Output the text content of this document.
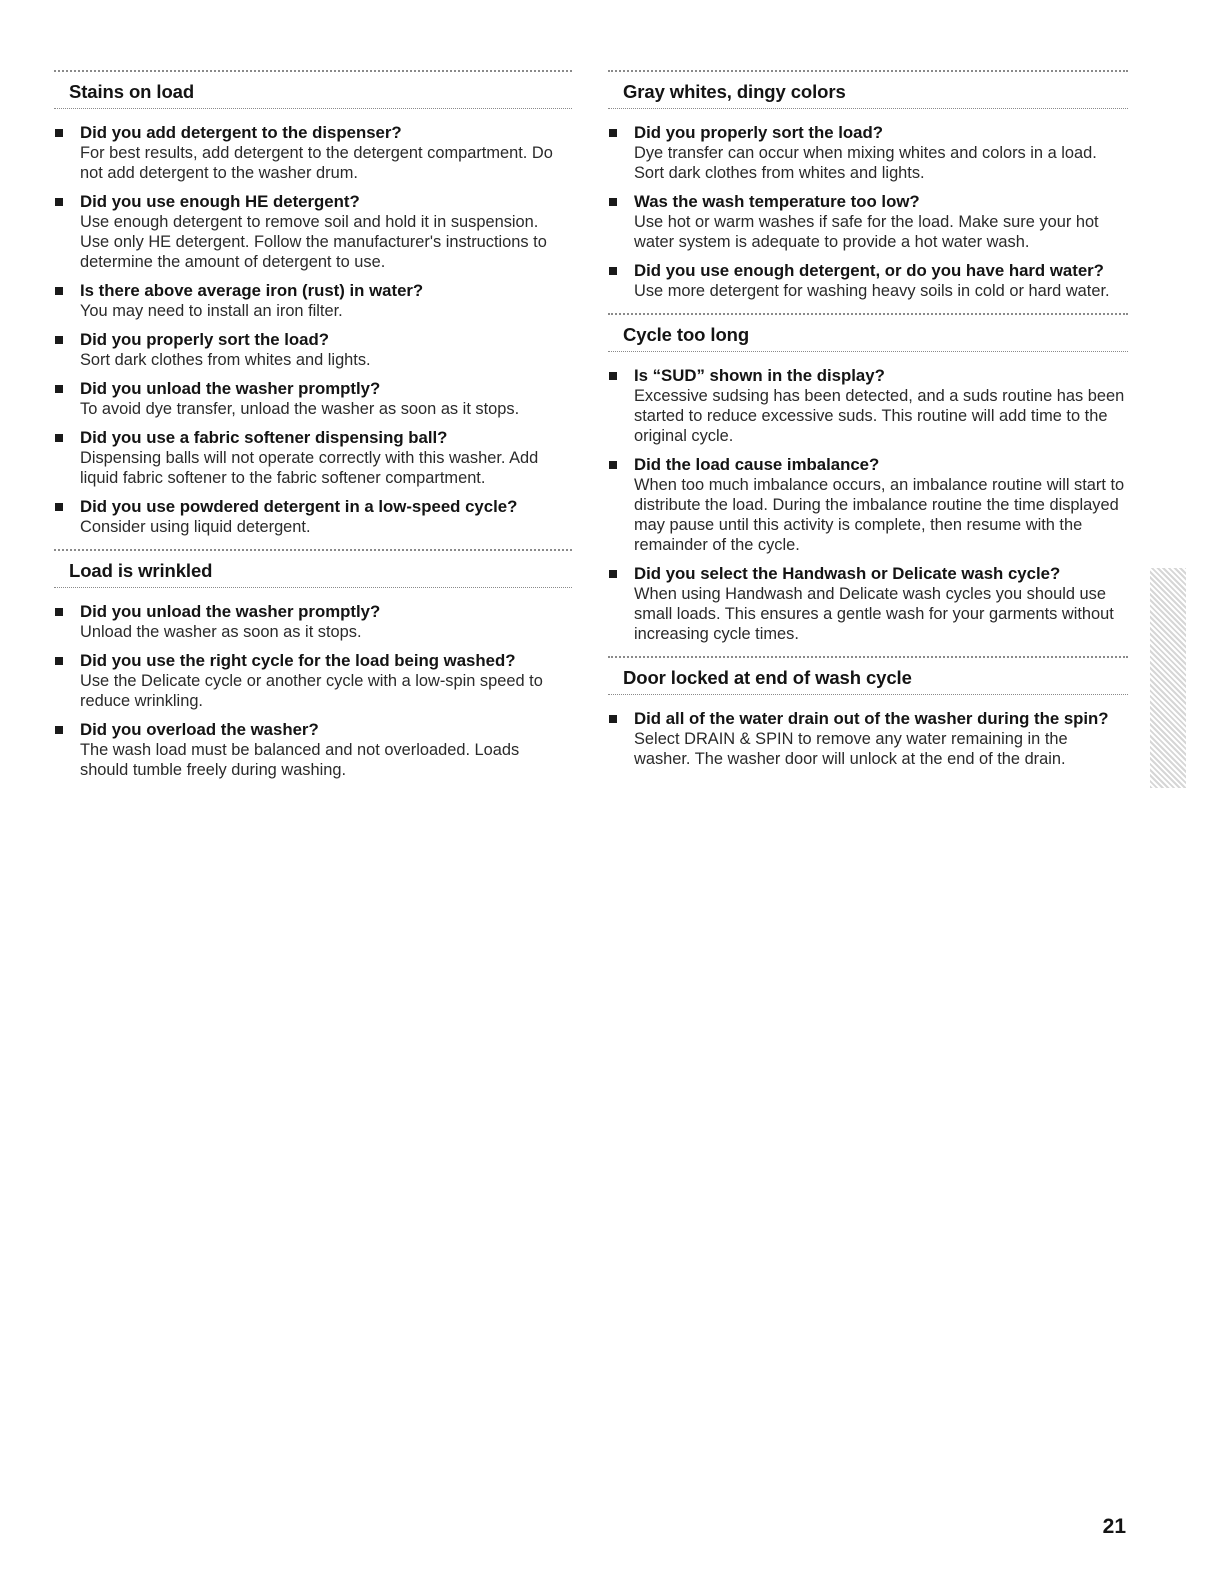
Stains on load
Did you add detergent to the dispenser?
For best results, add detergent to the detergent compartment. Do not add detergent to the washer drum.
Did you use enough HE detergent?
Use enough detergent to remove soil and hold it in suspension. Use only HE detergent. Follow the manufacturer's instructions to determine the amount of detergent to use.
Is there above average iron (rust) in water?
You may need to install an iron filter.
Did you properly sort the load?
Sort dark clothes from whites and lights.
Did you unload the washer promptly?
To avoid dye transfer, unload the washer as soon as it stops.
Did you use a fabric softener dispensing ball?
Dispensing balls will not operate correctly with this washer. Add liquid fabric softener to the fabric softener compartment.
Did you use powdered detergent in a low-speed cycle?
Consider using liquid detergent.
Load is wrinkled
Did you unload the washer promptly?
Unload the washer as soon as it stops.
Did you use the right cycle for the load being washed?
Use the Delicate cycle or another cycle with a low-spin speed to reduce wrinkling.
Did you overload the washer?
The wash load must be balanced and not overloaded. Loads should tumble freely during washing.
Gray whites, dingy colors
Did you properly sort the load?
Dye transfer can occur when mixing whites and colors in a load. Sort dark clothes from whites and lights.
Was the wash temperature too low?
Use hot or warm washes if safe for the load. Make sure your hot water system is adequate to provide a hot water wash.
Did you use enough detergent, or do you have hard water?
Use more detergent for washing heavy soils in cold or hard water.
Cycle too long
Is “SUD” shown in the display?
Excessive sudsing has been detected, and a suds routine has been started to reduce excessive suds. This routine will add time to the original cycle.
Did the load cause imbalance?
When too much imbalance occurs, an imbalance routine will start to distribute the load. During the imbalance routine the time displayed may pause until this activity is complete, then resume with the remainder of the cycle.
Did you select the Handwash or Delicate wash cycle?
When using Handwash and Delicate wash cycles you should use small loads. This ensures a gentle wash for your garments without increasing cycle times.
Door locked at end of wash cycle
Did all of the water drain out of the washer during the spin?
Select DRAIN & SPIN to remove any water remaining in the washer. The washer door will unlock at the end of the drain.
21
